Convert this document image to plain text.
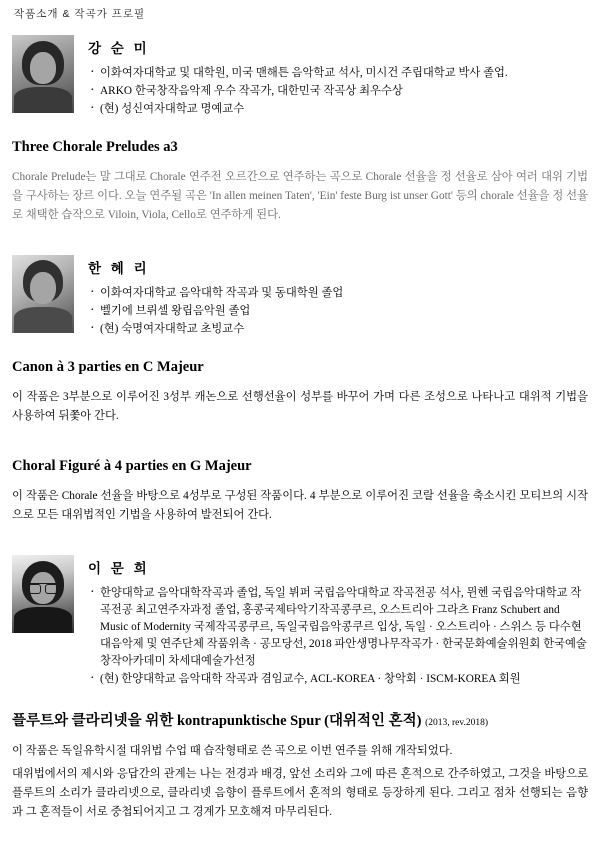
작품소개 & 작곡가 프로필
강 순 미
· 이화여자대학교 및 대학원, 미국 맨해튼 음악학교 석사, 미시건 주립대학교 박사 졸업.
· ARKO 한국창작음악제 우수 작곡가, 대한민국 작곡상 최우수상
· (현) 성신여자대학교 명예교수
Three Chorale Preludes a3
Chorale Prelude는 말 그대로 Chorale 연주전 오르간으로 연주하는 곡으로 Chorale 선율을 정 선율로 삼아 여러 대위 기법을 구사하는 장르 이다. 오늘 연주될 곡은 'In allen meinen Taten', 'Ein' feste Burg ist unser Gott' 등의 chorale 선율을 정 선율로 채택한 습작으로 Viloin, Viola, Cello로 연주하게 된다.
한 혜 리
· 이화여자대학교 음악대학 작곡과 및 동대학원 졸업
· 벨기에 브뤼셀 왕립음악원 졸업
· (현) 숙명여자대학교 초빙교수
Canon à 3 parties en C Majeur
이 작품은 3부분으로 이루어진 3성부 캐논으로 선행선율이 성부를 바꾸어 가며 다른 조성으로 나타나고 대위적 기법을 사용하여 뒤쫓아 간다.
Choral Figuré à 4 parties en G Majeur
이 작품은 Chorale 선율을 바탕으로 4성부로 구성된 작품이다. 4 부분으로 이루어진 코랄 선율을 축소시킨 모티브의 시작으로 모든 대위법적인 기법을 사용하여 발전되어 간다.
이 문 희
· 한양대학교 음악대학작곡과 졸업, 독일 뷔퍼 국립음악대학교 작곡전공 석사, 뮌헨 국립음악대학교 작곡전공 최고연주자과정 졸업, 홍콩국제타악기작곡콩쿠르, 오스트리아 그라츠 Franz Schubert and Music of Modernity 국제작곡콩쿠르, 독일국립음악콩쿠르 입상, 독일 · 오스트리아 · 스위스 등 다수현대음악제 및 연주단체 작품위촉 · 공모당선, 2018 파안생명나무작곡가 · 한국문화예술위원회 한국예술창작아카데미 차세대예술가선정
· (현) 한양대학교 음악대학 작곡과 겸임교수, ACL-KOREA · 창악회 · ISCM-KOREA 회원
플루트와 클라리넷을 위한 kontrapunktische Spur (대위적인 혼적) (2013, rev.2018)
이 작품은 독일유학시절 대위법 수업 때 습작형태로 쓴 곡으로 이번 연주를 위해 개작되었다.
대위법에서의 제시와 응답간의 관계는 나는 전경과 배경, 앞선 소리와 그에 따른 혼적으로 간주하였고, 그것을 바탕으로 플루트의 소리가 클라리넷으로, 클라리넷 음향이 플루트에서 혼적의 형태로 등장하게 된다. 그리고 점차 선행되는 음향과 그 혼적들이 서로 중첩되어지고 그 경계가 모호해져 마무리된다.
